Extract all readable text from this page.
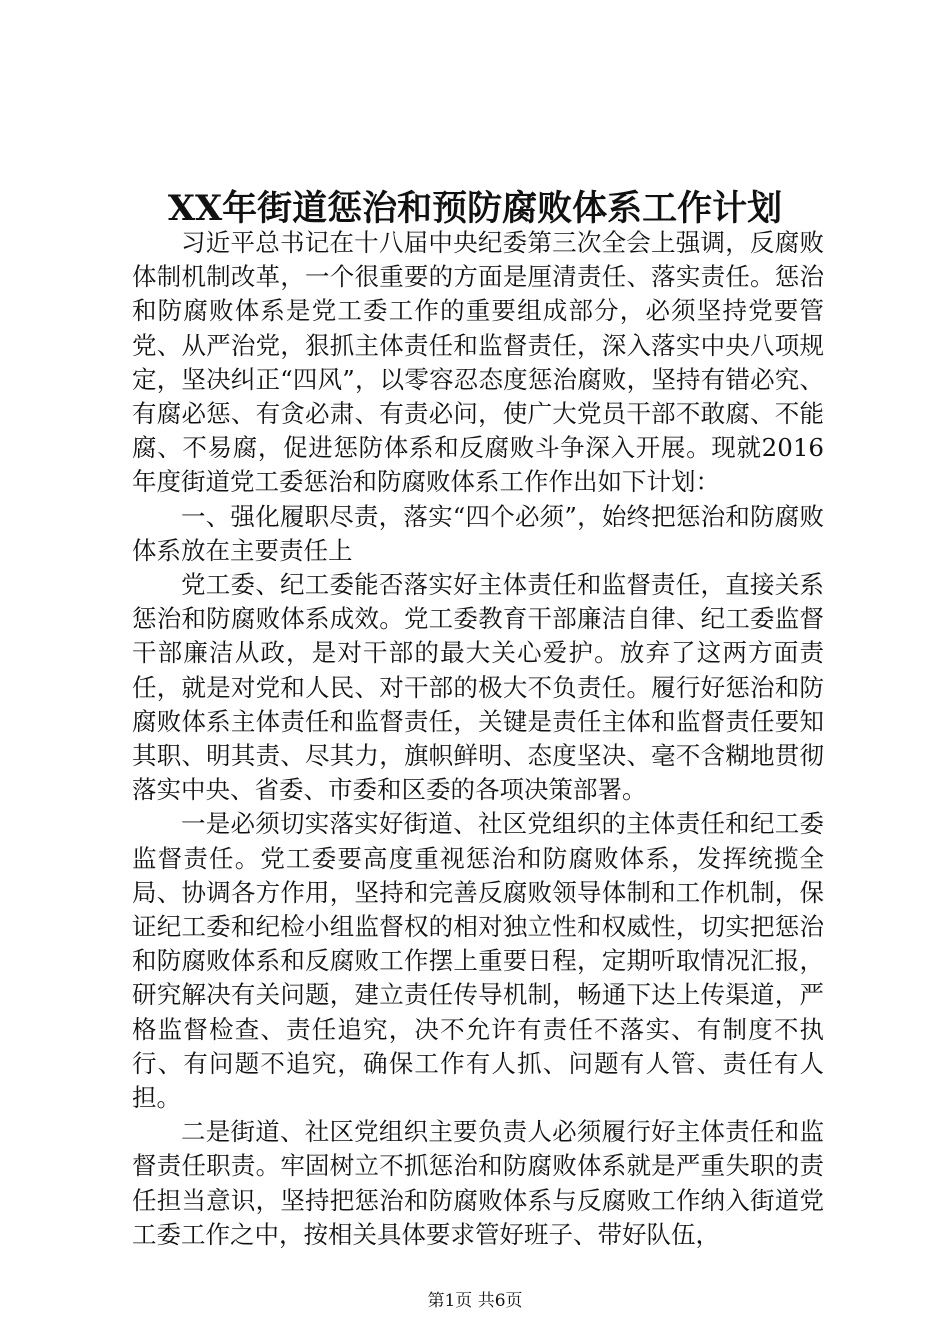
XX年街道惩治和预防腐败体系工作计划

习近平总书记在十八届中央纪委第三次全会上强调，反腐败体制机制改革，一个很重要的方面是厘清责任、落实责任。惩治和防腐败体系是党工委工作的重要组成部分，必须坚持党要管党、从严治党，狠抓主体责任和监督责任，深入落实中央八项规定，坚决纠正“四风”，以零容忍态度惩治腐败，坚持有错必究、有腐必惩、有贪必肃、有责必问，使广大党员干部不敢腐、不能腐、不易腐，促进惩防体系和反腐败斗争深入开展。现就2016年度街道党工委惩治和防腐败体系工作作出如下计划：

一、强化履职尽责，落实“四个必须”，始终把惩治和防腐败体系放在主要责任上

党工委、纪工委能否落实好主体责任和监督责任，直接关系惩治和防腐败体系成效。党工委教育干部廉洁自律、纪工委监督干部廉洁从政，是对干部的最大关心爱护。放弃了这两方面责任，就是对党和人民、对干部的极大不负责任。履行好惩治和防腐败体系主体责任和监督责任，关键是责任主体和监督责任要知其职、明其责、尽其力，旗帜鲜明、态度坚决、毫不含糊地贯彻落实中央、省委、市委和区委的各项决策部署。

一是必须切实落实好街道、社区党组织的主体责任和纪工委监督责任。党工委要高度重视惩治和防腐败体系，发挥统揽全局、协调各方作用，坚持和完善反腐败领导体制和工作机制，保证纪工委和纪检小组监督权的相对独立性和权威性，切实把惩治和防腐败体系和反腐败工作摆上重要日程，定期听取情况汇报，研究解决有关问题，建立责任传导机制，畅通下达上传渠道，严格监督检查、责任追究，决不允许有责任不落实、有制度不执行、有问题不追究，确保工作有人抓、问题有人管、责任有人担。

二是街道、社区党组织主要负责人必须履行好主体责任和监督责任职责。牢固树立不抓惩治和防腐败体系就是严重失职的责任担当意识，坚持把惩治和防腐败体系与反腐败工作纳入街道党工委工作之中，按相关具体要求管好班子、带好队伍，

第1页 共6页
